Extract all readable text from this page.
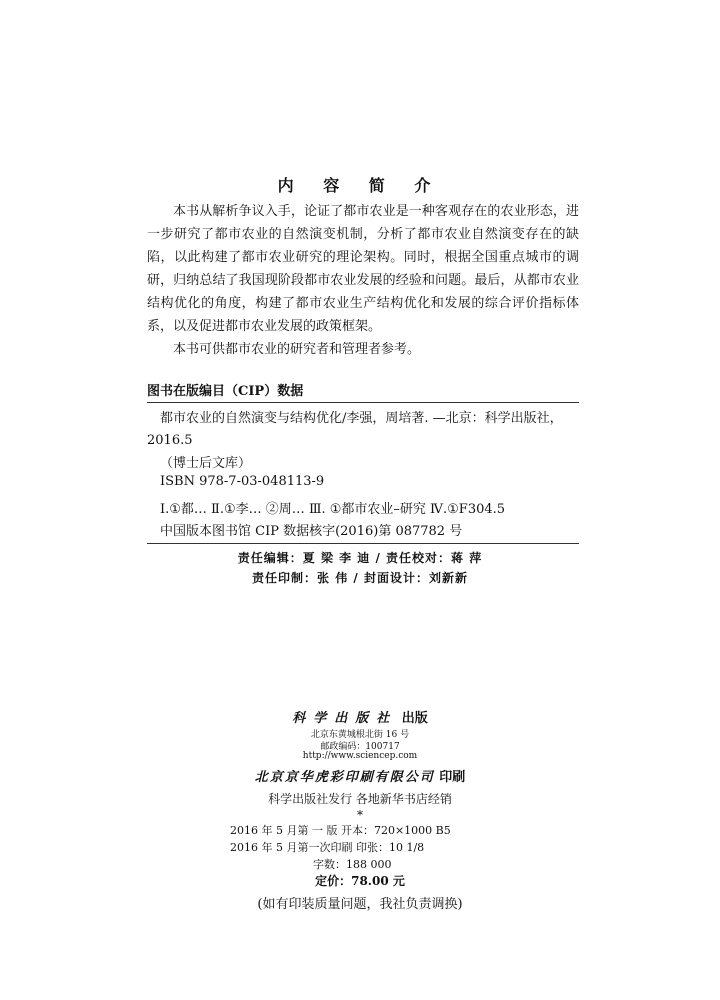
内 容 简 介

本书从解析争议入手，论证了都市农业是一种客观存在的农业形态，进一步研究了都市农业的自然演变机制，分析了都市农业自然演变存在的缺陷，以此构建了都市农业研究的理论架构。同时，根据全国重点城市的调研，归纳总结了我国现阶段都市农业发展的经验和问题。最后，从都市农业结构优化的角度，构建了都市农业生产结构优化和发展的综合评价指标体系，以及促进都市农业发展的政策框架。

本书可供都市农业的研究者和管理者参考。

图书在版编目（CIP）数据
都市农业的自然演变与结构优化/李强，周培著. —北京：科学出版社，2016.5
（博士后文库）
ISBN 978-7-03-048113-9
Ⅰ.①都… Ⅱ.①李… ②周… Ⅲ. ①都市农业–研究 Ⅳ.①F304.5
中国版本图书馆 CIP 数据核字(2016)第 087782 号
责任编辑：夏 梁 李 迪 / 责任校对：蒋 萍
责任印制：张 伟 / 封面设计：刘新新
科学出版社 出版
北京东黄城根北街 16 号
邮政编码：100717
http://www.sciencep.com
北京京华虎彩印刷有限公司 印刷
科学出版社发行 各地新华书店经销
*
2016 年 5 月第 一 版 开本：720×1000 B5
2016 年 5 月第一次印刷 印张：10 1/8
字数：188 000
定价：78.00 元
(如有印装质量问题，我社负责调换)
